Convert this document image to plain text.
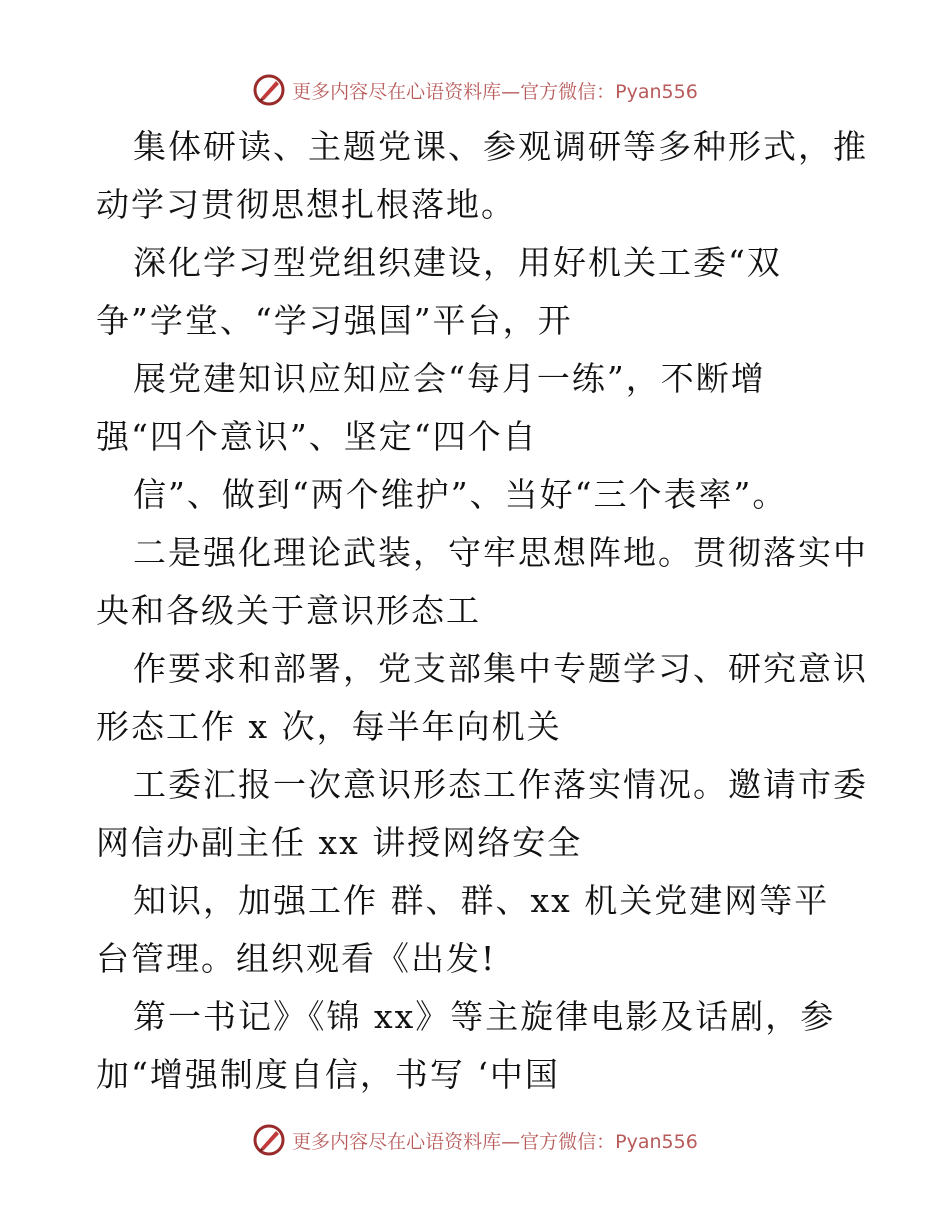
更多内容尽在心语资料库—官方微信：Pyan556
集体研读、主题党课、参观调研等多种形式，推
动学习贯彻思想扎根落地。
深化学习型党组织建设，用好机关工委“双
争”学堂、“学习强国”平台，开
展党建知识应知应会“每月一练”，不断增
强“四个意识”、坚定“四个自
信”、做到“两个维护”、当好“三个表率”。
二是强化理论武装，守牢思想阵地。贯彻落实中
央和各级关于意识形态工
作要求和部署，党支部集中专题学习、研究意识
形态工作 x 次，每半年向机关
工委汇报一次意识形态工作落实情况。邀请市委
网信办副主任 xx 讲授网络安全
知识，加强工作 群、群、xx 机关党建网等平
台管理。组织观看《出发!
第一书记》《锦 xx》等主旋律电影及话剧，参
加“增强制度自信，书写 ‘中国
更多内容尽在心语资料库—官方微信：Pyan556
